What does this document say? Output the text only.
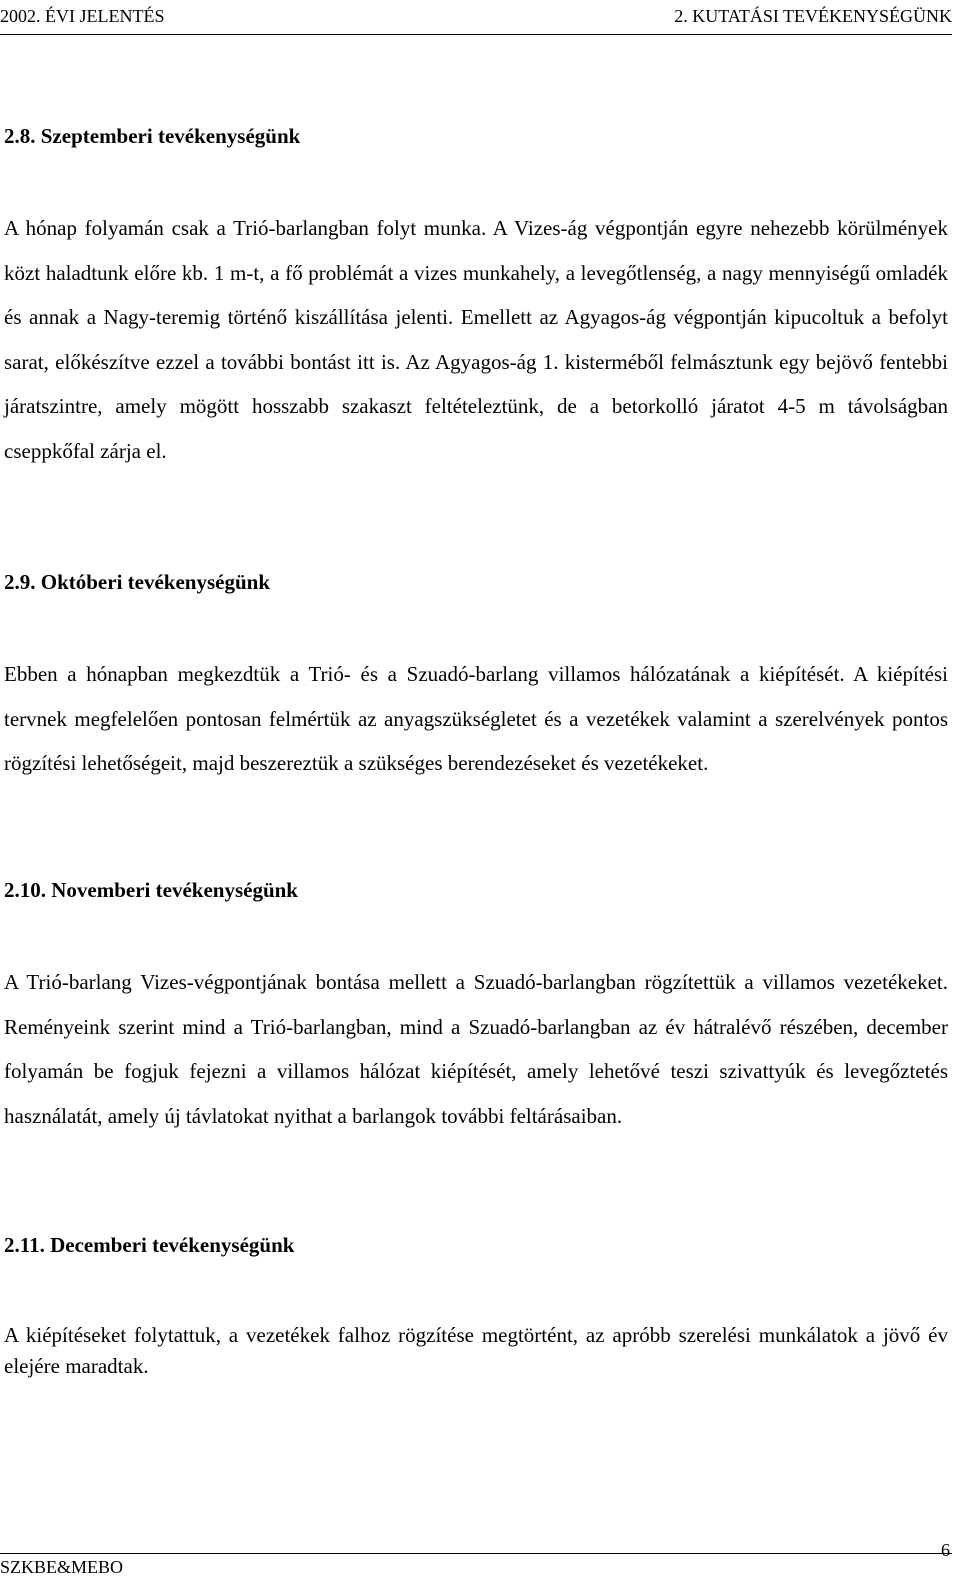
2002. ÉVI JELENTÉS	2. KUTATÁSI TEVÉKENYSÉGÜNK
2.8. Szeptemberi tevékenységünk
A hónap folyamán csak a Trió-barlangban folyt munka. A Vizes-ág végpontján egyre nehezebb körülmények közt haladtunk előre kb. 1 m-t, a fő problémát a vizes munkahely, a levegőtlenség, a nagy mennyiségű omladék és annak a Nagy-teremig történő kiszállítása jelenti. Emellett az Agyagos-ág végpontján kipucoltuk a befolyt sarat, előkészítve ezzel a további bontást itt is. Az Agyagos-ág 1. kisterméből felmásztunk egy bejövő fentebbi járatszintre, amely mögött hosszabb szakaszt feltételeztünk, de a betorkolló járatot 4-5 m távolságban cseppkőfal zárja el.
2.9. Októberi tevékenységünk
Ebben a hónapban megkezdtük a Trió- és a Szuadó-barlang villamos hálózatának a kiépítését. A kiépítési tervnek megfelelően pontosan felmértük az anyagszükségletet és a vezetékek valamint a szerelvények pontos rögzítési lehetőségeit, majd beszereztük a szükséges berendezéseket és vezetékeket.
2.10. Novemberi tevékenységünk
A Trió-barlang Vizes-végpontjának bontása mellett a Szuadó-barlangban rögzítettük a villamos vezetékeket. Reményeink szerint mind a Trió-barlangban, mind a Szuadó-barlangban az év hátralévő részében, december folyamán be fogjuk fejezni a villamos hálózat kiépítését, amely lehetővé teszi szivattyúk és levegőztetés használatát, amely új távlatokat nyithat a barlangok további feltárásaiban.
2.11. Decemberi tevékenységünk
A kiépítéseket folytattuk, a vezetékek falhoz rögzítése megtörtént, az apróbb szerelési munkálatok a jövő év elejére maradtak.
SZKBE&MEBO
6
